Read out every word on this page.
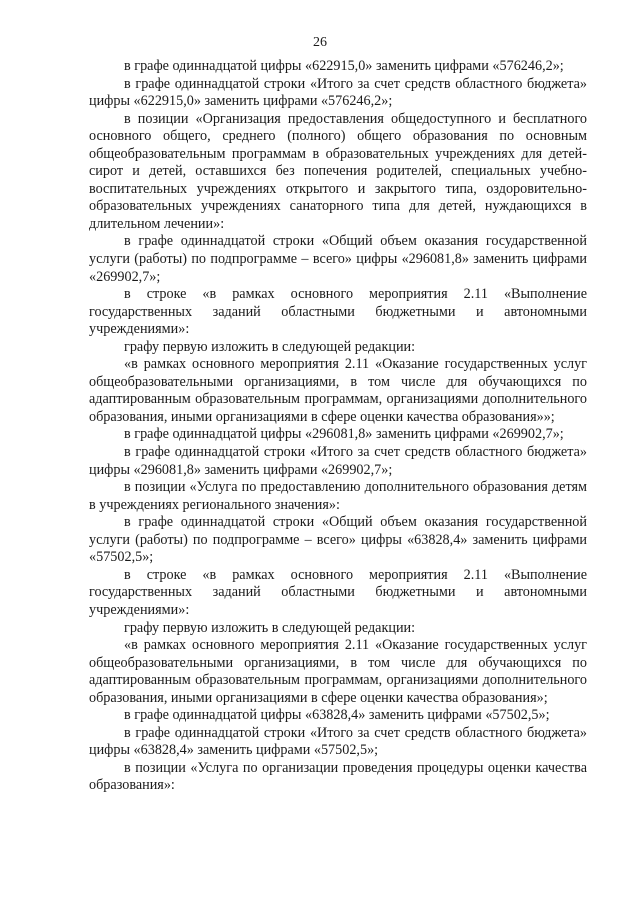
26

в графе одиннадцатой цифры «622915,0» заменить цифрами «576246,2»;

в графе одиннадцатой строки «Итого за счет средств областного бюджета» цифры «622915,0» заменить цифрами «576246,2»;

в позиции «Организация предоставления общедоступного и бесплатного основного общего, среднего (полного) общего образования по основным общеобразовательным программам в образовательных учреждениях для детей-сирот и детей, оставшихся без попечения родителей, специальных учебно-воспитательных учреждениях открытого и закрытого типа, оздоровительно-образовательных учреждениях санаторного типа для детей, нуждающихся в длительном лечении»:

в графе одиннадцатой строки «Общий объем оказания государственной услуги (работы) по подпрограмме – всего» цифры «296081,8» заменить цифрами «269902,7»;

в строке «в рамках основного мероприятия 2.11 «Выполнение государственных заданий областными бюджетными и автономными учреждениями»:

графу первую изложить в следующей редакции:

«в рамках основного мероприятия 2.11 «Оказание государственных услуг общеобразовательными организациями, в том числе для обучающихся по адаптированным образовательным программам, организациями дополнительного образования, иными организациями в сфере оценки качества образования»»;

в графе одиннадцатой цифры «296081,8» заменить цифрами «269902,7»;

в графе одиннадцатой строки «Итого за счет средств областного бюджета» цифры «296081,8» заменить цифрами «269902,7»;

в позиции «Услуга по предоставлению дополнительного образования детям в учреждениях регионального значения»:

в графе одиннадцатой строки «Общий объем оказания государственной услуги (работы) по подпрограмме – всего» цифры «63828,4» заменить цифрами «57502,5»;

в строке «в рамках основного мероприятия 2.11 «Выполнение государственных заданий областными бюджетными и автономными учреждениями»:

графу первую изложить в следующей редакции:

«в рамках основного мероприятия 2.11 «Оказание государственных услуг общеобразовательными организациями, в том числе для обучающихся по адаптированным образовательным программам, организациями дополнительного образования, иными организациями в сфере оценки качества образования»;

в графе одиннадцатой цифры «63828,4» заменить цифрами «57502,5»;

в графе одиннадцатой строки «Итого за счет средств областного бюджета» цифры «63828,4» заменить цифрами «57502,5»;

в позиции «Услуга по организации проведения процедуры оценки качества образования»:
